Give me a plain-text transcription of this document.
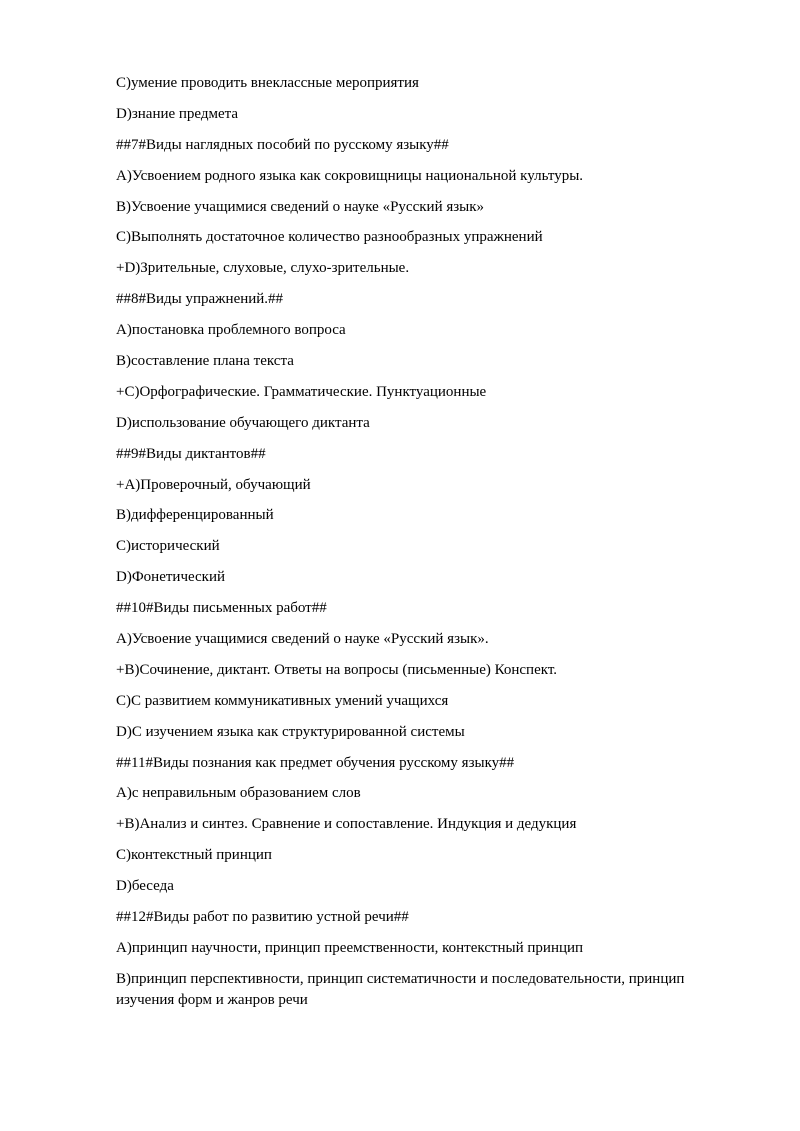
C)умение проводить внеклассные мероприятия

D)знание предмета

##7#Виды наглядных пособий по русскому языку##

A)Усвоением родного языка как сокровищницы национальной культуры.

B)Усвоение учащимися сведений о науке «Русский язык»

C)Выполнять достаточное количество разнообразных упражнений

+D)Зрительные, слуховые, слухо-зрительные.

##8#Виды упражнений.##

A)постановка проблемного вопроса

B)составление плана текста

+C)Орфографические. Грамматические. Пунктуационные

D)использование обучающего диктанта

##9#Виды диктантов##

+A)Проверочный, обучающий

B)дифференцированный

C)исторический

D)Фонетический

##10#Виды письменных работ##

A)Усвоение учащимися сведений о науке «Русский язык».

+B)Сочинение, диктант. Ответы на вопросы (письменные) Конспект.

C)С развитием коммуникативных умений учащихся

D)С изучением языка как структурированной системы

##11#Виды познания как предмет обучения русскому языку##

A)с неправильным образованием слов

+B)Анализ и синтез. Сравнение и сопоставление. Индукция и дедукция

C)контекстный принцип

D)беседа

##12#Виды работ по развитию устной речи##

A)принцип научности, принцип преемственности, контекстный принцип

B)принцип перспективности, принцип систематичности и последовательности, принцип изучения форм и жанров речи
